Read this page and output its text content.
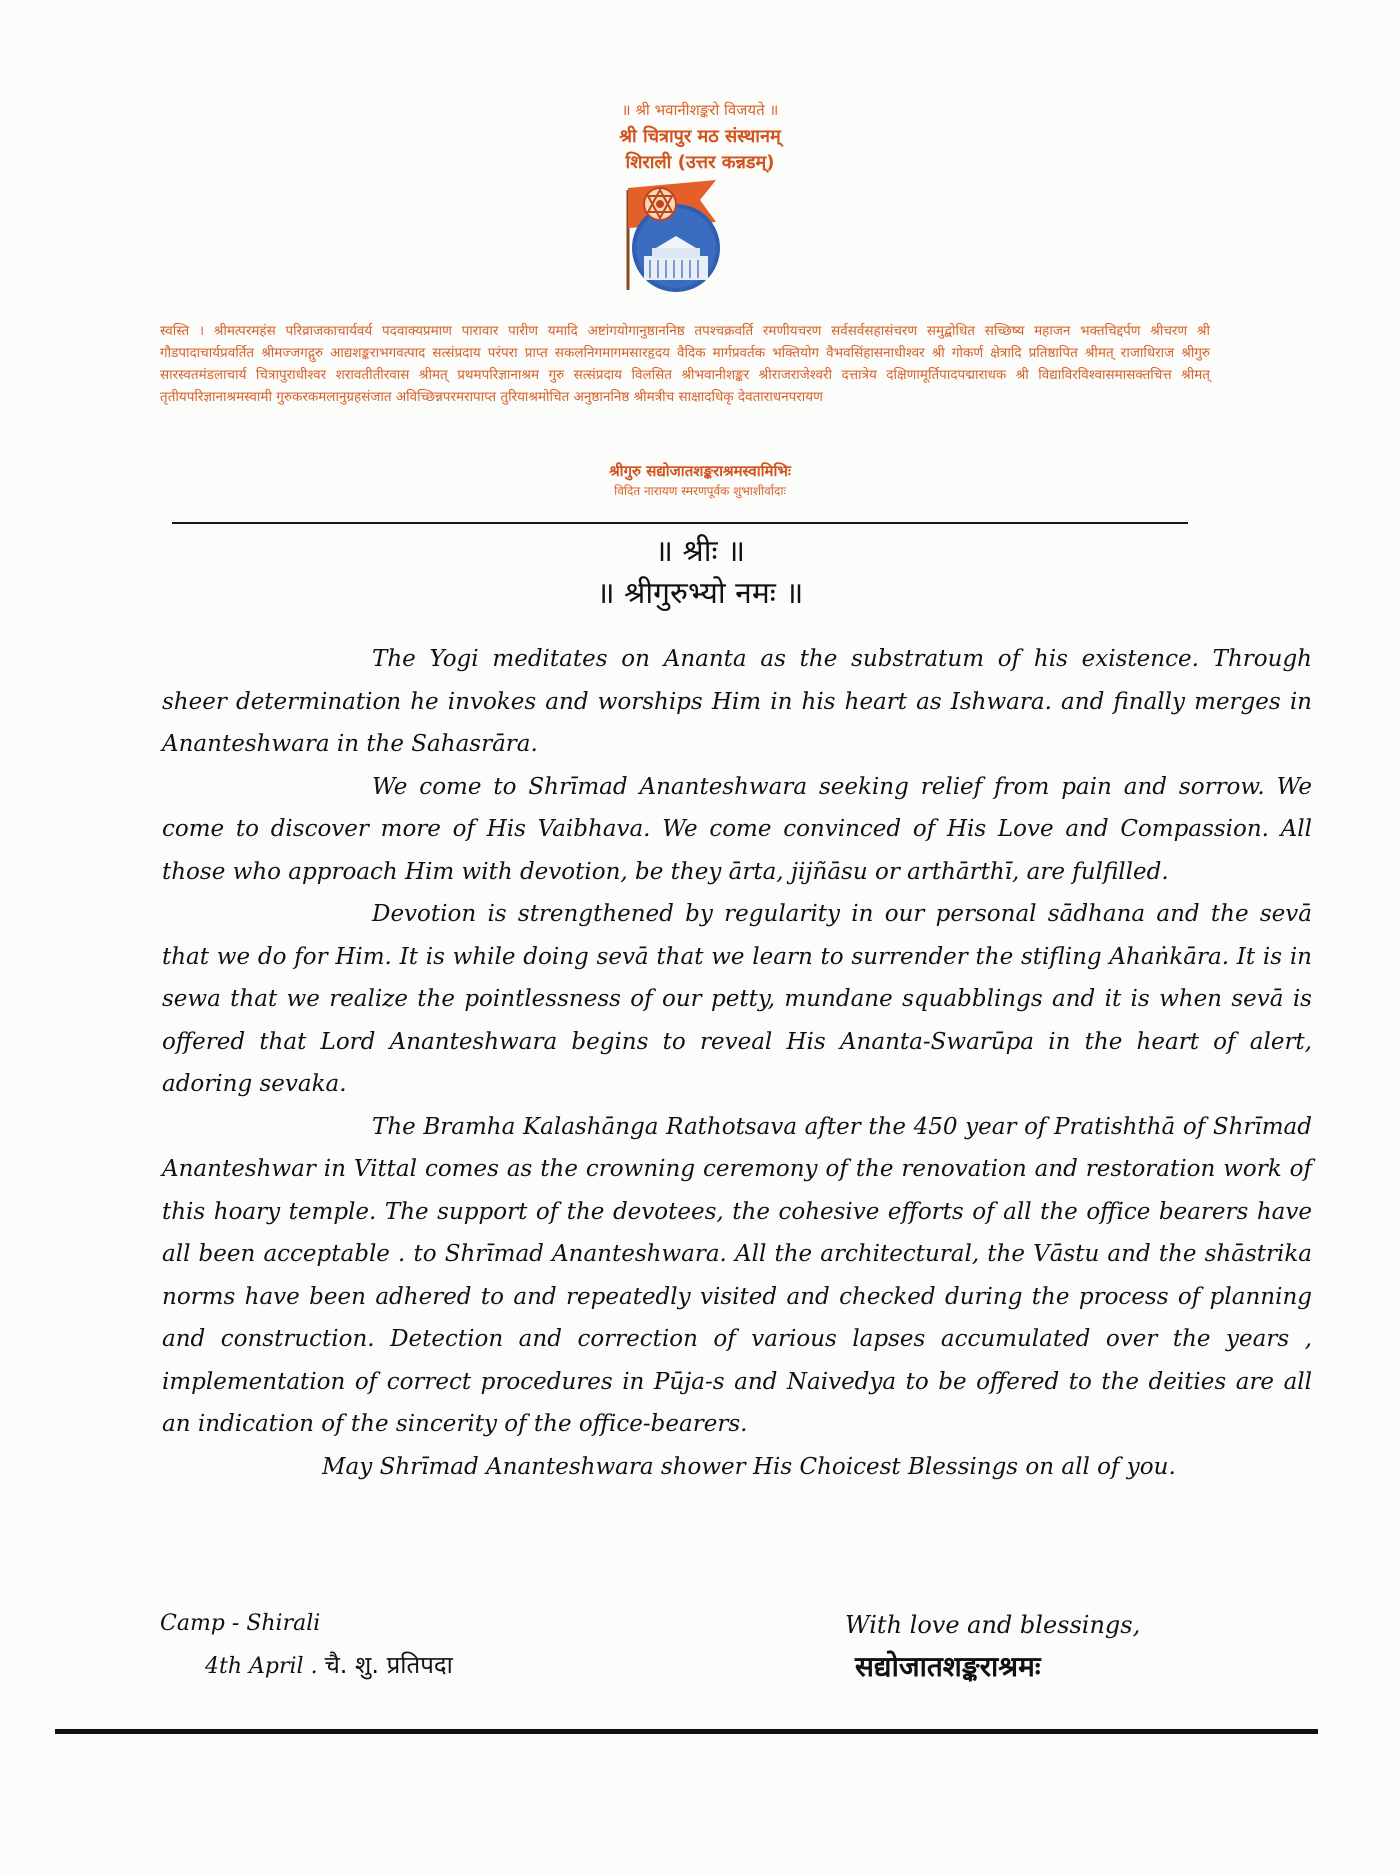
॥ श्री भवानीशङ्करो विजयते ॥
श्री चित्रापुर मठ संस्थानम्
शिराली (उत्तर कन्नडम्)
स्वस्ति । श्रीमत्परमहंस परिव्राजकाचार्यवर्य पदवाक्यप्रमाण पारावार पारीण यमादि अष्टांगयोगानुष्ठाननिष्ठ तपश्चक्रवर्ति रमणीयचरण सर्वसर्वसहासंचरण समुद्बोधित सच्छिष्य महाजन भक्तचिद्दर्पण श्रीचरण श्री गौडपादाचार्यप्रवर्तित श्रीमज्जगद्गुरु आद्यशङ्कराभगवत्पाद सत्संप्रदाय परंपरा प्राप्त सकलनिगमागमसारहृदय वैदिक मार्गप्रवर्तक भक्तियोग वैभवसिंहासनाधीश्वर श्री गोकर्ण क्षेत्रादि प्रतिष्ठापित श्रीमत् राजाधिराज श्रीगुरु सारस्वतमंडलाचार्य चित्रापुराधीश्वर शरावतीतीरवास श्रीमत् प्रथमपरिज्ञानाश्रम गुरु सत्संप्रदाय विलसित श्रीभवानीशङ्कर श्रीराजराजेश्वरी दत्तात्रेय दक्षिणामूर्तिपादपद्माराधक श्री विद्याविरविश्वासमासक्तचित्त श्रीमत् तृतीयपरिज्ञानाश्रमस्वामी गुरुकरकमलानुग्रहसंजात अविच्छिन्नपरमरापाप्त तुरियाश्रमोचित अनुष्ठाननिष्ठ श्रीमत्रीच साक्षादधिकृ देवताराधनपरायण
श्रीगुरु सद्योजातशङ्कराश्रमस्वामिभिः
विदित नारायण स्मरणपूर्वक शुभाशीर्वादाः
॥ श्रीः ॥
॥ श्रीगुरुभ्यो नमः ॥

The Yogi meditates on Ananta as the substratum of his existence. Through sheer determination he invokes and worships Him in his heart as Ishwara. and finally merges in Ananteshwara in the Sahasrāra.

We come to Shrīmad Ananteshwara seeking relief from pain and sorrow. We come to discover more of His Vaibhava. We come convinced of His Love and Compassion. All those who approach Him with devotion, be they ārta, jijñāsu or arthārthī, are fulfilled.

Devotion is strengthened by regularity in our personal sādhana and the sevā that we do for Him. It is while doing sevā that we learn to surrender the stifling Ahaṅkāra. It is in sewa that we realize the pointlessness of our petty, mundane squabblings and it is when sevā is offered that Lord Ananteshwara begins to reveal His Ananta-Swarūpa in the heart of alert, adoring sevaka.

The Bramha Kalashānga Rathotsava after the 450 year of Pratishthā of Shrīmad Ananteshwar in Vittal comes as the crowning ceremony of the renovation and restoration work of this hoary temple. The support of the devotees, the cohesive efforts of all the office bearers have all been acceptable . to Shrīmad Ananteshwara. All the architectural, the Vāstu and the shāstrika norms have been adhered to and repeatedly visited and checked during the process of planning and construction. Detection and correction of various lapses accumulated over the years , implementation of correct procedures in Pūja-s and Naivedya to be offered to the deities are all an indication of the sincerity of the office-bearers.

May Shrīmad Ananteshwara shower His Choicest Blessings on all of you.

Camp - Shirali
4th April . चै. शु. प्रतिपदा
With love and blessings,
सद्योजातशङ्कराश्रमः
